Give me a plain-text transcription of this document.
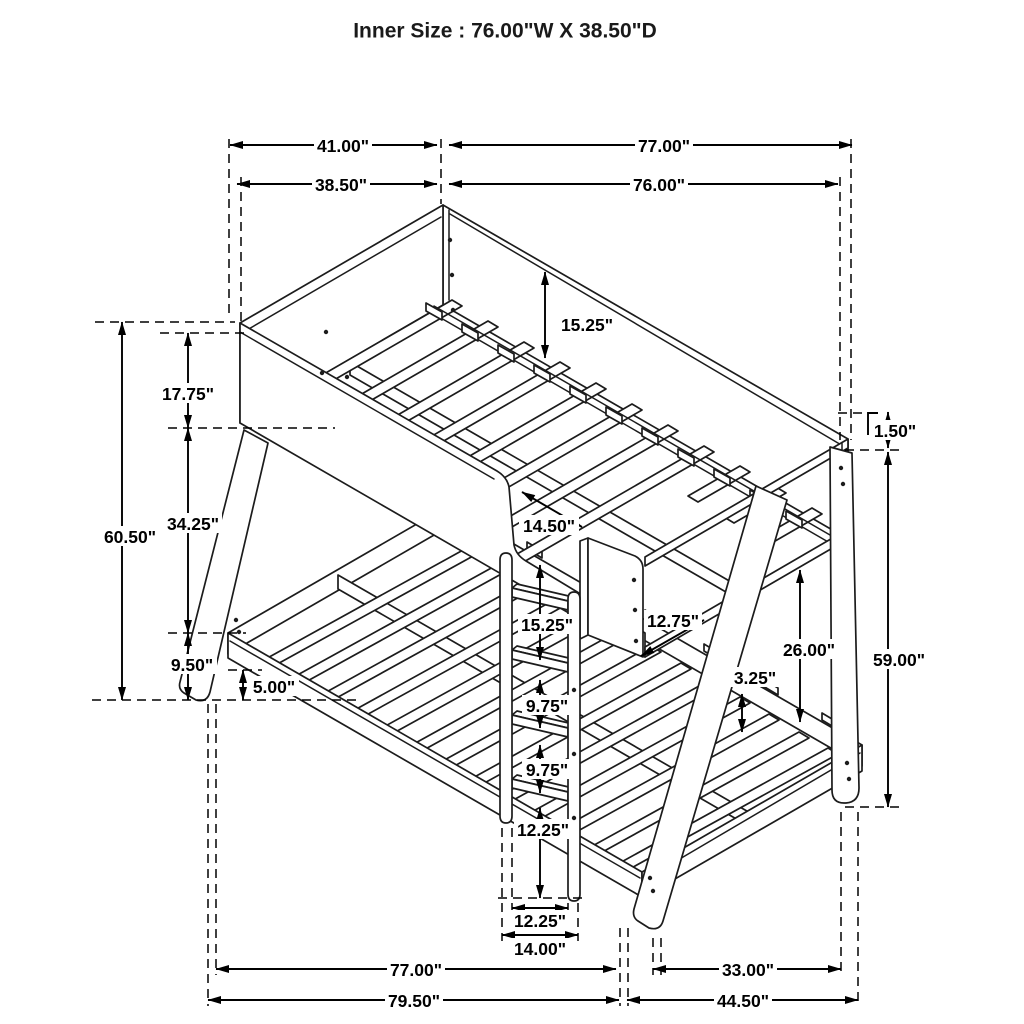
41.00"	77.00"
38.50"	76.00"
15.25"
14.50"
17.75"
34.25"
60.50"
9.50"
5.00"
15.25"
9.75"
9.75"
12.25"
12.75"
26.00"
3.25"
1.50"
59.00"
12.25"
14.00"
77.00"	33.00"
79.50"	44.50"
Inner Size : 76.00"W X 38.50"D
